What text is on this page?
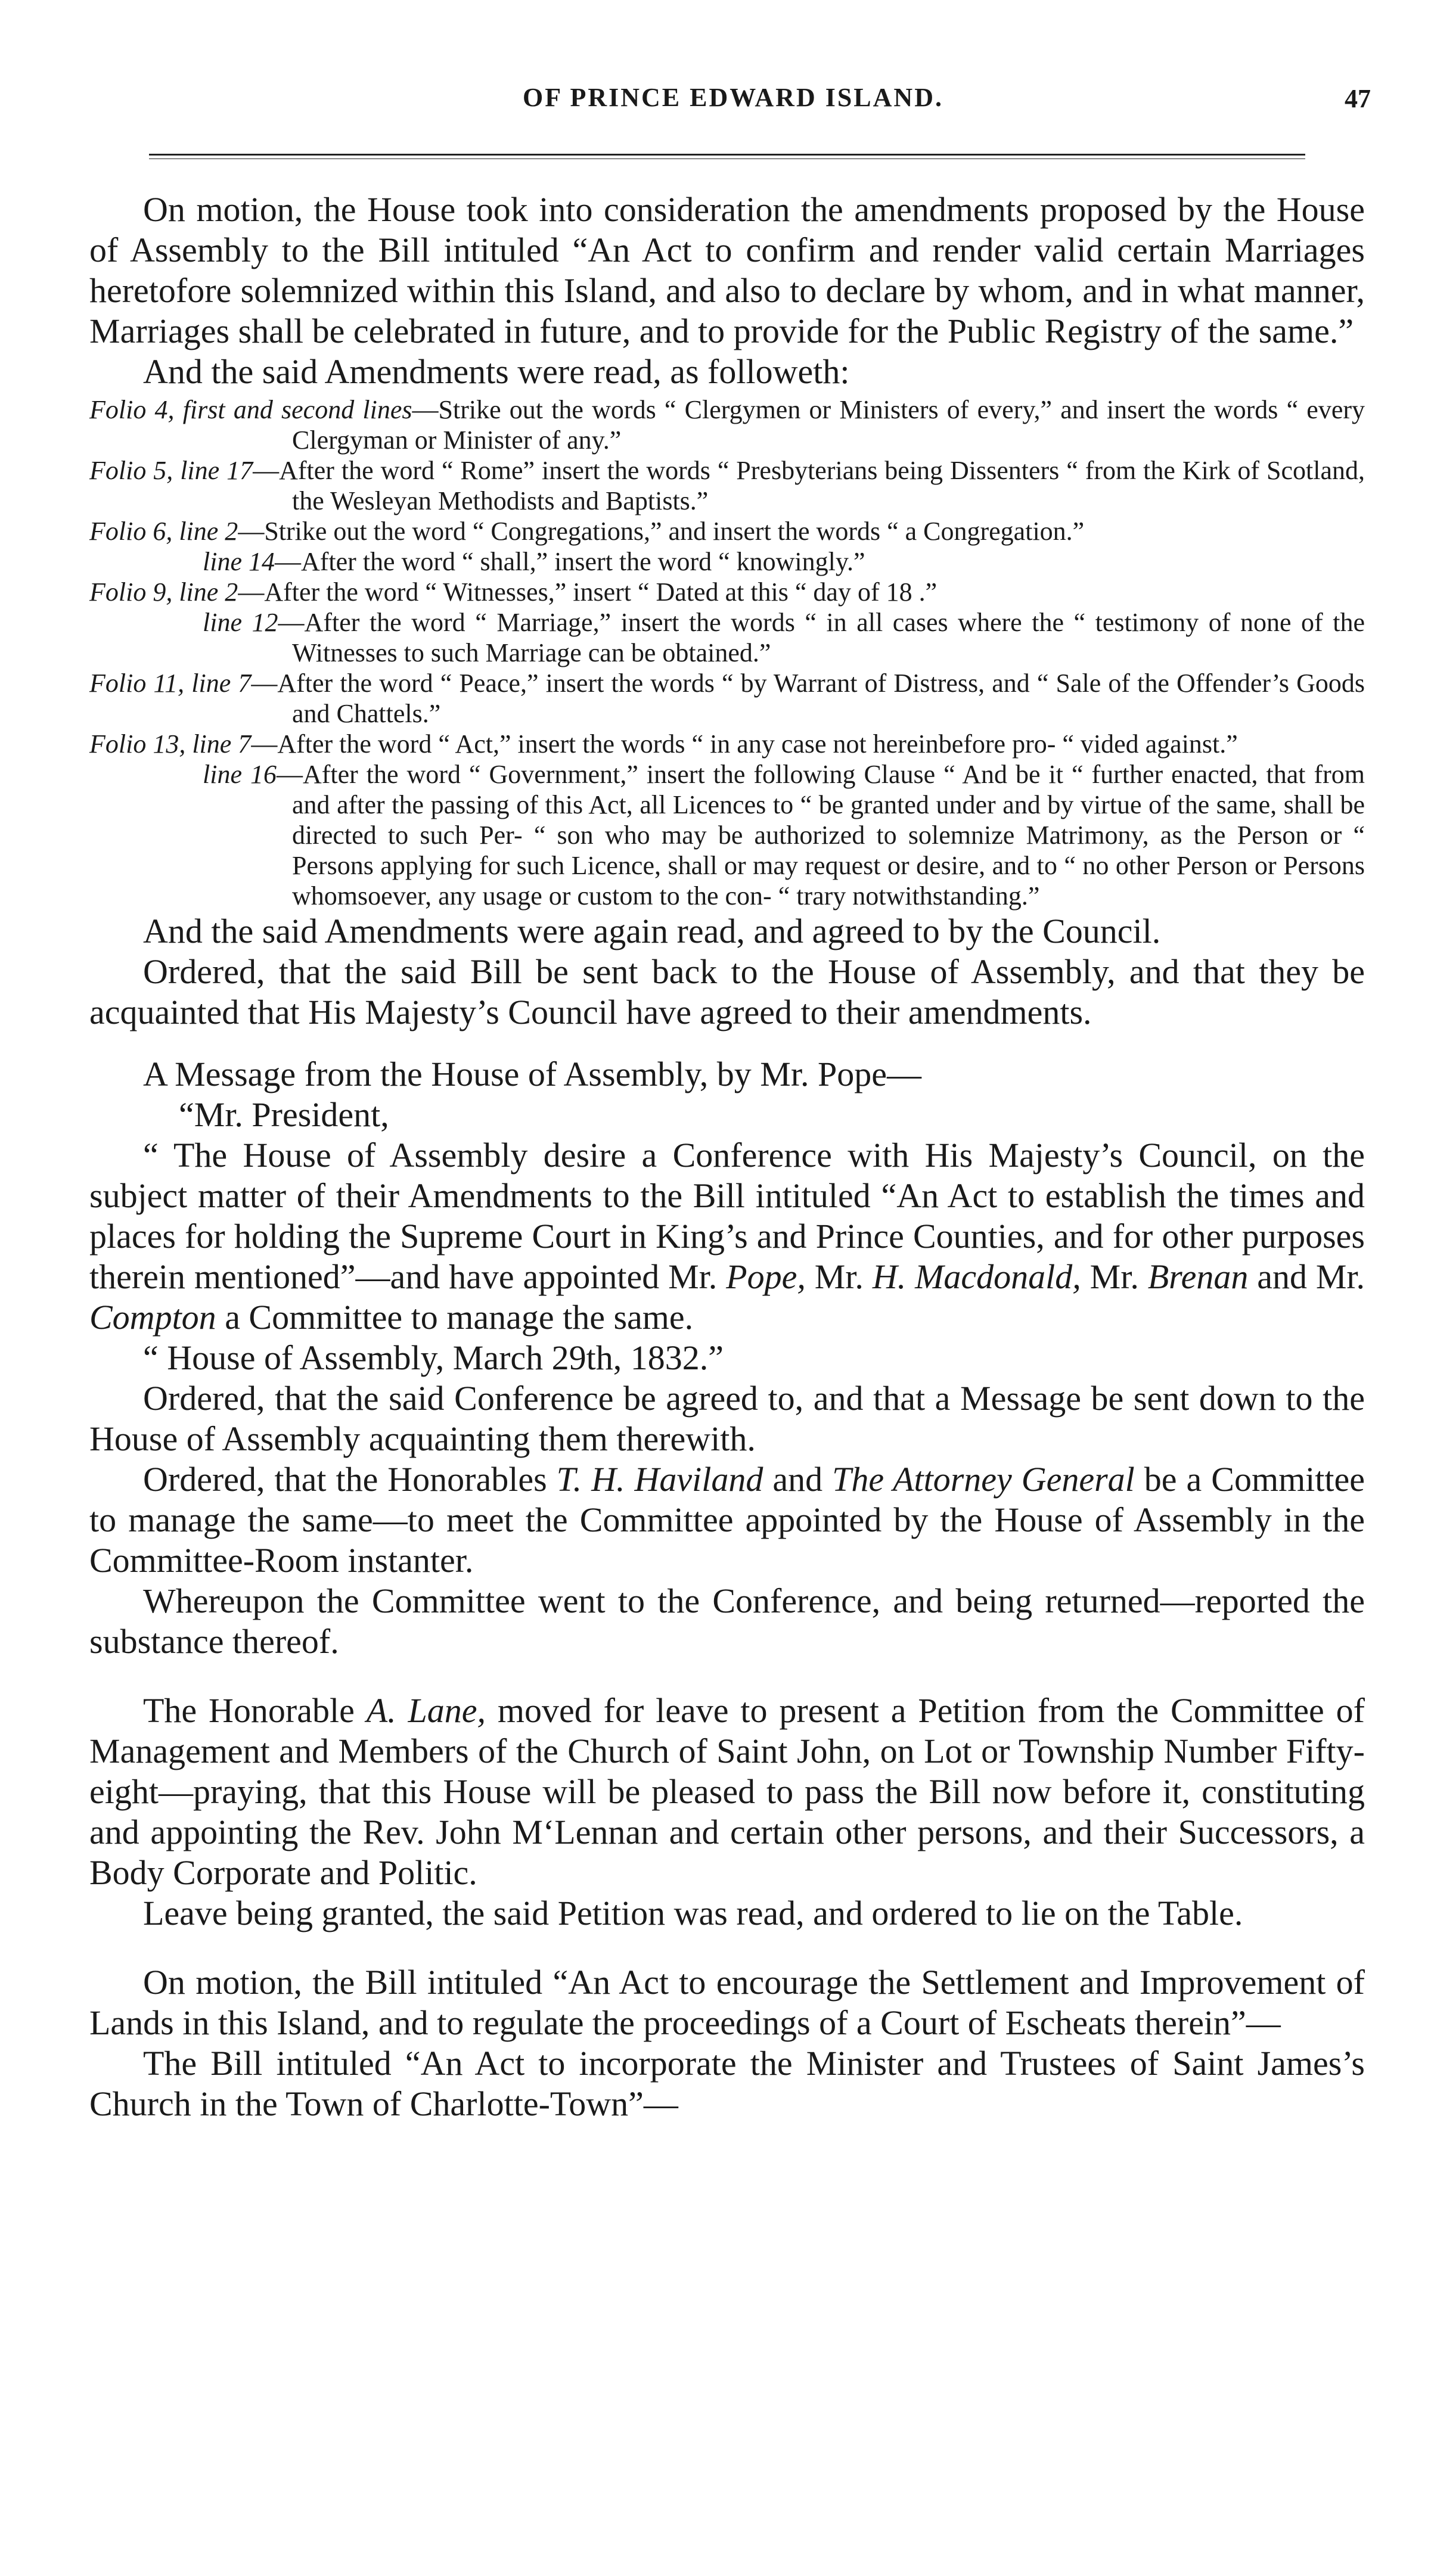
OF PRINCE EDWARD ISLAND.	47

On motion, the House took into consideration the amendments proposed by the House of Assembly to the Bill intituled “An Act to confirm and render valid certain Marriages heretofore solemnized within this Island, and also to declare by whom, and in what manner, Marriages shall be celebrated in future, and to provide for the Public Registry of the same.”

And the said Amendments were read, as followeth:

Folio 4, first and second lines—Strike out the words “ Clergymen or Ministers of every,” and insert the words “ every Clergyman or Minister of any.”

Folio 5, line 17—After the word “ Rome” insert the words “ Presbyterians being Dissenters “ from the Kirk of Scotland, the Wesleyan Methodists and Baptists.”

Folio 6, line 2—Strike out the word “ Congregations,” and insert the words “ a Congregation.”

line 14—After the word “ shall,” insert the word “ knowingly.”

Folio 9, line 2—After the word “ Witnesses,” insert “ Dated at this “ day of 18 .”

line 12—After the word “ Marriage,” insert the words “ in all cases where the “ testimony of none of the Witnesses to such Marriage can be obtained.”

Folio 11, line 7—After the word “ Peace,” insert the words “ by Warrant of Distress, and “ Sale of the Offender’s Goods and Chattels.”

Folio 13, line 7—After the word “ Act,” insert the words “ in any case not hereinbefore pro- “ vided against.”

line 16—After the word “ Government,” insert the following Clause “ And be it “ further enacted, that from and after the passing of this Act, all Licences to “ be granted under and by virtue of the same, shall be directed to such Per- “ son who may be authorized to solemnize Matrimony, as the Person or “ Persons applying for such Licence, shall or may request or desire, and to “ no other Person or Persons whomsoever, any usage or custom to the con- “ trary notwithstanding.”

And the said Amendments were again read, and agreed to by the Council.

Ordered, that the said Bill be sent back to the House of Assembly, and that they be acquainted that His Majesty’s Council have agreed to their amendments.

A Message from the House of Assembly, by Mr. Pope—

“Mr. President,

“ The House of Assembly desire a Conference with His Majesty’s Council, on the subject matter of their Amendments to the Bill intituled “An Act to establish the times and places for holding the Supreme Court in King’s and Prince Counties, and for other purposes therein mentioned”—and have appointed Mr. Pope, Mr. H. Macdonald, Mr. Brenan and Mr. Compton a Committee to manage the same.

“ House of Assembly, March 29th, 1832.”

Ordered, that the said Conference be agreed to, and that a Message be sent down to the House of Assembly acquainting them therewith.

Ordered, that the Honorables T. H. Haviland and The Attorney General be a Committee to manage the same—to meet the Committee appointed by the House of Assembly in the Committee-Room instanter.

Whereupon the Committee went to the Conference, and being returned—reported the substance thereof.

The Honorable A. Lane, moved for leave to present a Petition from the Committee of Management and Members of the Church of Saint John, on Lot or Township Number Fifty-eight—praying, that this House will be pleased to pass the Bill now before it, constituting and appointing the Rev. John M‘Lennan and certain other persons, and their Successors, a Body Corporate and Politic.

Leave being granted, the said Petition was read, and ordered to lie on the Table.

On motion, the Bill intituled “An Act to encourage the Settlement and Improvement of Lands in this Island, and to regulate the proceedings of a Court of Escheats therein”—

The Bill intituled “An Act to incorporate the Minister and Trustees of Saint James’s Church in the Town of Charlotte-Town”—
